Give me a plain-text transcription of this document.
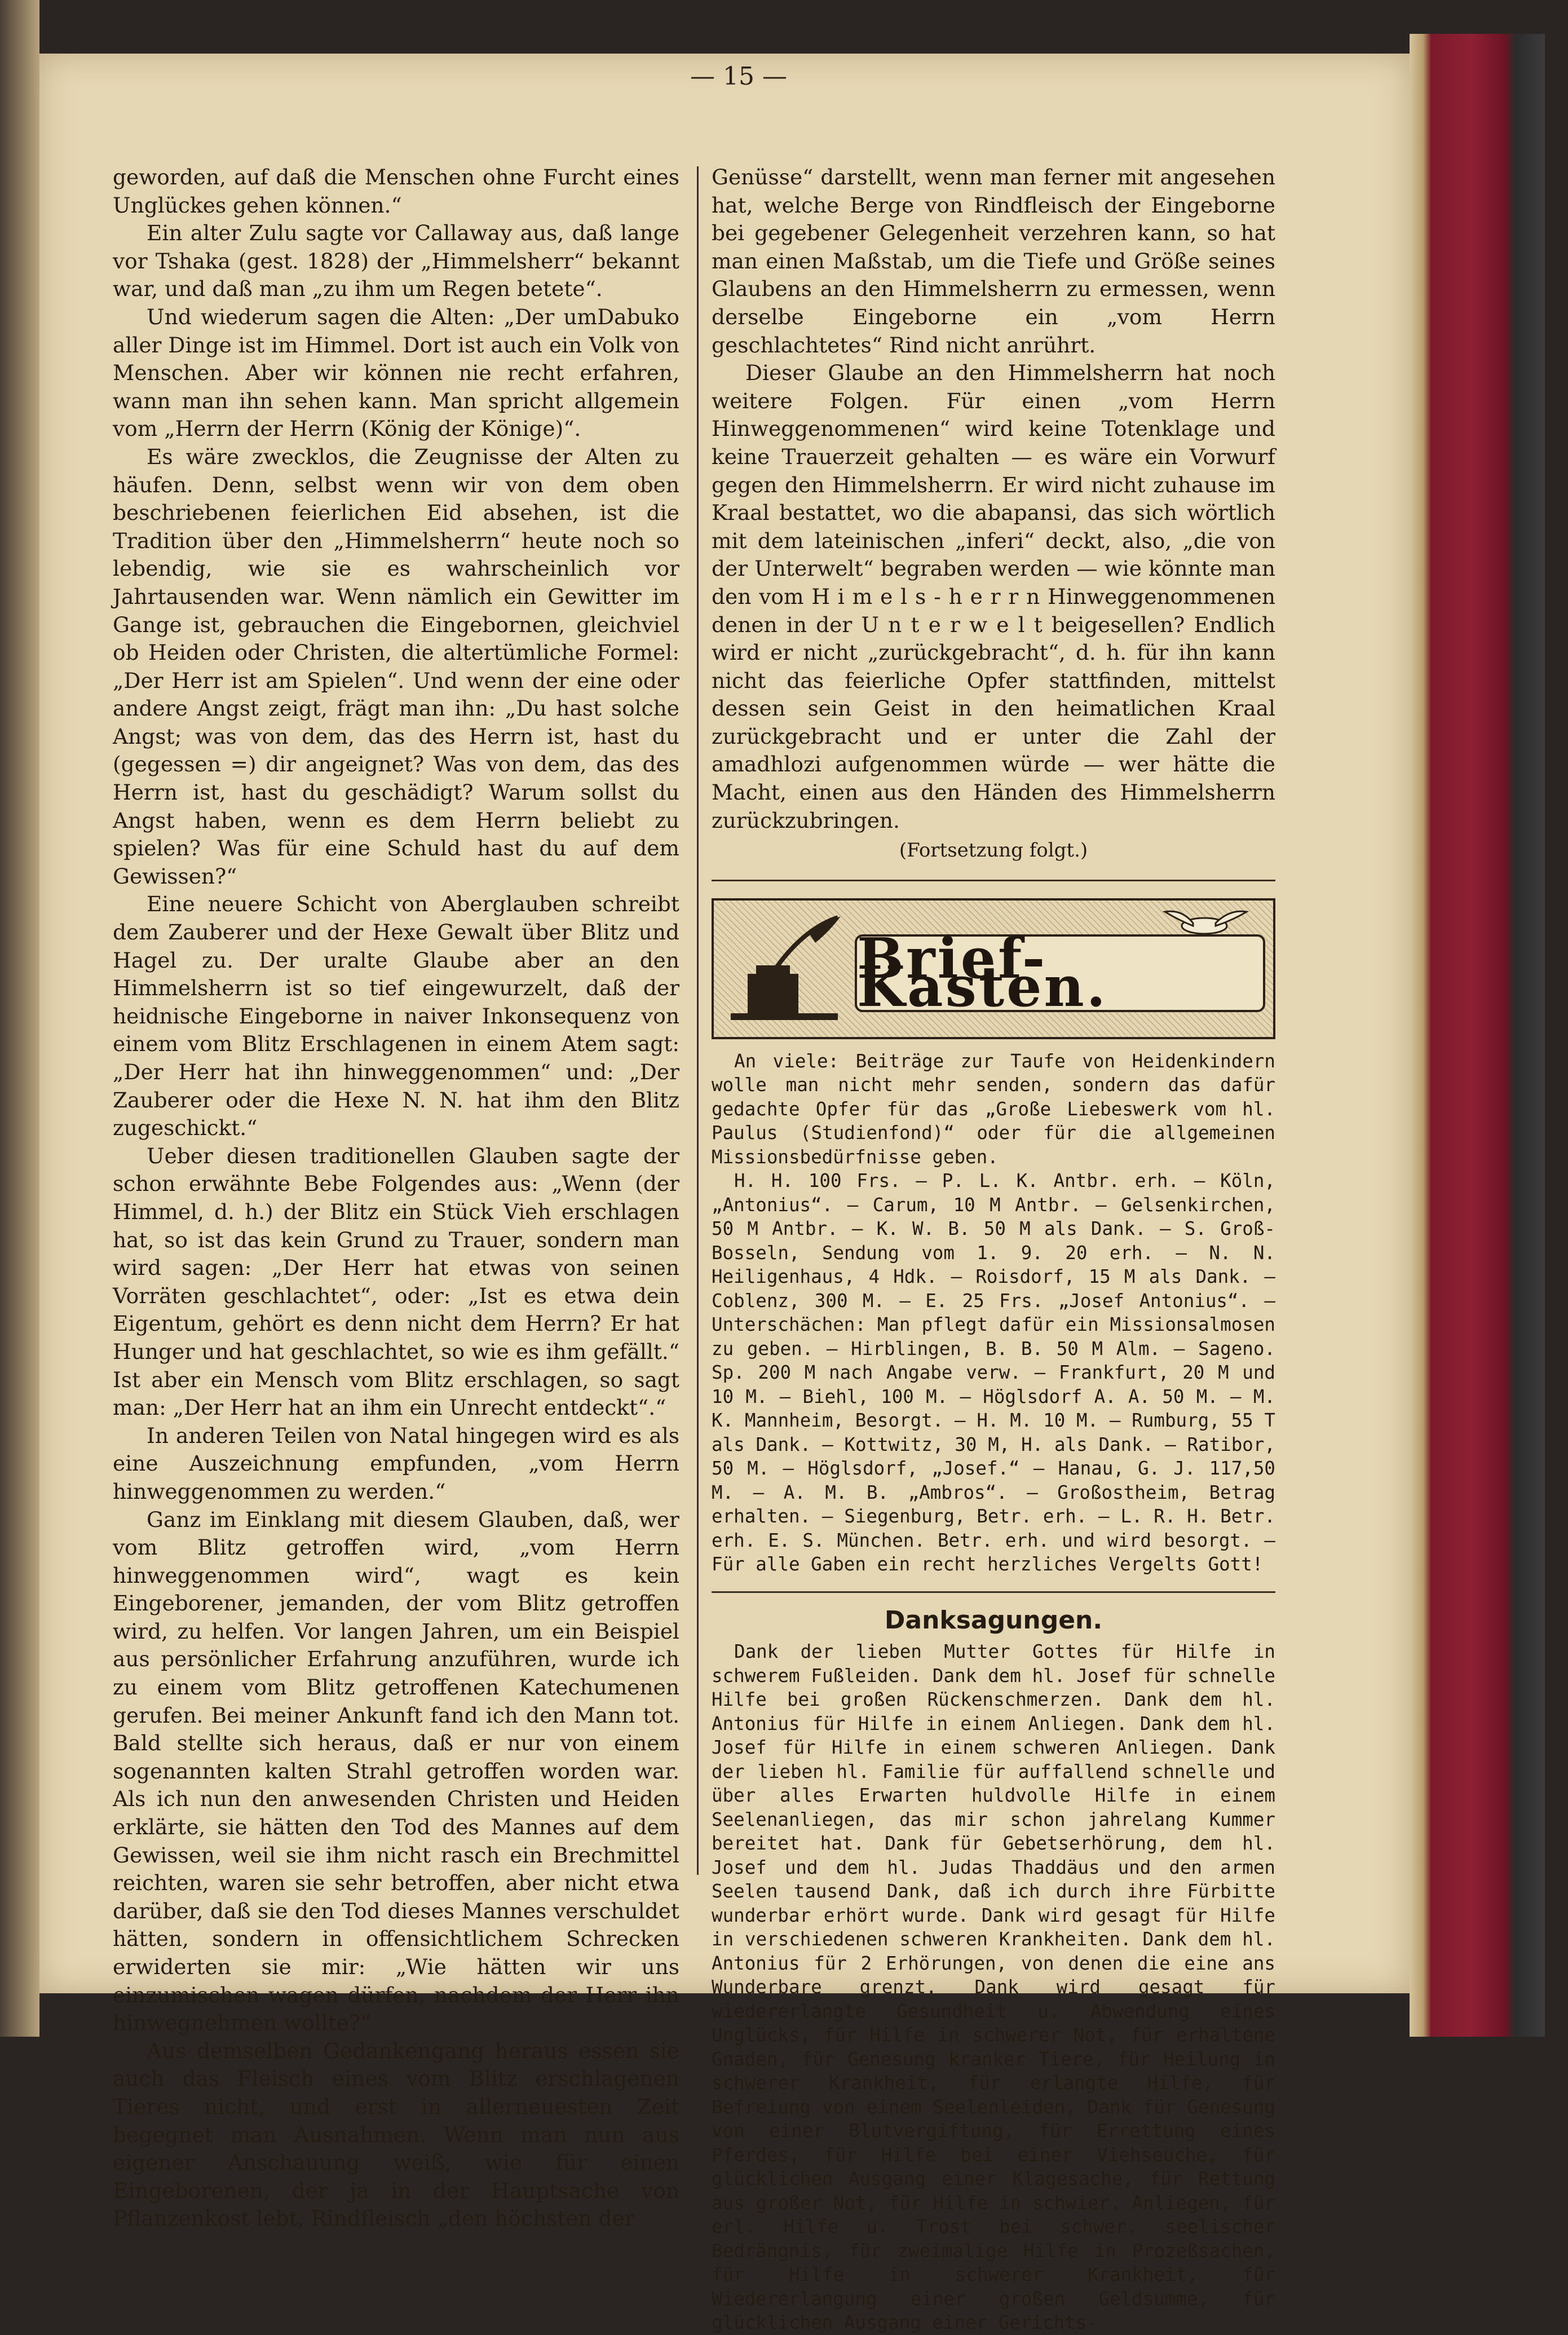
— 15 —

geworden, auf daß die Menschen ohne Furcht eines Unglückes gehen können.“

Ein alter Zulu sagte vor Callaway aus, daß lange vor Tshaka (gest. 1828) der „Himmelsherr“ bekannt war, und daß man „zu ihm um Regen betete“.

Und wiederum sagen die Alten: „Der umDabuko aller Dinge ist im Himmel. Dort ist auch ein Volk von Menschen. Aber wir können nie recht erfahren, wann man ihn sehen kann. Man spricht allgemein vom „Herrn der Herrn (König der Könige)“.

Es wäre zwecklos, die Zeugnisse der Alten zu häufen. Denn, selbst wenn wir von dem oben beschriebenen feierlichen Eid absehen, ist die Tradition über den „Himmelsherrn“ heute noch so lebendig, wie sie es wahrscheinlich vor Jahrtausenden war. Wenn nämlich ein Gewitter im Gange ist, gebrauchen die Eingebornen, gleichviel ob Heiden oder Christen, die altertümliche Formel: „Der Herr ist am Spielen“. Und wenn der eine oder andere Angst zeigt, frägt man ihn: „Du hast solche Angst; was von dem, das des Herrn ist, hast du (gegessen =) dir angeignet? Was von dem, das des Herrn ist, hast du geschädigt? Warum sollst du Angst haben, wenn es dem Herrn beliebt zu spielen? Was für eine Schuld hast du auf dem Gewissen?“

Eine neuere Schicht von Aberglauben schreibt dem Zauberer und der Hexe Gewalt über Blitz und Hagel zu. Der uralte Glaube aber an den Himmelsherrn ist so tief eingewurzelt, daß der heidnische Eingeborne in naiver Inkonsequenz von einem vom Blitz Erschlagenen in einem Atem sagt: „Der Herr hat ihn hinweggenommen“ und: „Der Zauberer oder die Hexe N. N. hat ihm den Blitz zugeschickt.“

Ueber diesen traditionellen Glauben sagte der schon erwähnte Bebe Folgendes aus: „Wenn (der Himmel, d. h.) der Blitz ein Stück Vieh erschlagen hat, so ist das kein Grund zu Trauer, sondern man wird sagen: „Der Herr hat etwas von seinen Vorräten geschlachtet“, oder: „Ist es etwa dein Eigentum, gehört es denn nicht dem Herrn? Er hat Hunger und hat geschlachtet, so wie es ihm gefällt.“ Ist aber ein Mensch vom Blitz erschlagen, so sagt man: „Der Herr hat an ihm ein Unrecht entdeckt“.“

In anderen Teilen von Natal hingegen wird es als eine Auszeichnung empfunden, „vom Herrn hinweggenommen zu werden.“

Ganz im Einklang mit diesem Glauben, daß, wer vom Blitz getroffen wird, „vom Herrn hinweggenommen wird“, wagt es kein Eingeborener, jemanden, der vom Blitz getroffen wird, zu helfen. Vor langen Jahren, um ein Beispiel aus persönlicher Erfahrung anzuführen, wurde ich zu einem vom Blitz getroffenen Katechumenen gerufen. Bei meiner Ankunft fand ich den Mann tot. Bald stellte sich heraus, daß er nur von einem sogenannten kalten Strahl getroffen worden war. Als ich nun den anwesenden Christen und Heiden erklärte, sie hätten den Tod des Mannes auf dem Gewissen, weil sie ihm nicht rasch ein Brechmittel reichten, waren sie sehr betroffen, aber nicht etwa darüber, daß sie den Tod dieses Mannes verschuldet hätten, sondern in offensichtlichem Schrecken erwiderten sie mir: „Wie hätten wir uns einzumischen wagen dürfen, nachdem der Herr ihn hinwegnehmen wollte?“

Aus demselben Gedankengang heraus essen sie auch das Fleisch eines vom Blitz erschlagenen Tieres nicht, und erst in allerneuesten Zeit begegnet man Ausnahmen. Wenn man nun aus eigener Anschauung weiß, wie für einen Eingeborenen, der ja in der Hauptsache von Pflanzenkost lebt, Rindfleisch „den höchsten der

Genüsse“ darstellt, wenn man ferner mit angesehen hat, welche Berge von Rindfleisch der Eingeborne bei gegebener Gelegenheit verzehren kann, so hat man einen Maßstab, um die Tiefe und Größe seines Glaubens an den Himmelsherrn zu ermessen, wenn derselbe Eingeborne ein „vom Herrn geschlachtetes“ Rind nicht anrührt.

Dieser Glaube an den Himmelsherrn hat noch weitere Folgen. Für einen „vom Herrn Hinweggenommenen“ wird keine Totenklage und keine Trauerzeit gehalten — es wäre ein Vorwurf gegen den Himmelsherrn. Er wird nicht zuhause im Kraal bestattet, wo die abapansi, das sich wörtlich mit dem lateinischen „inferi“ deckt, also, „die von der Unterwelt“ begraben werden — wie könnte man den vom H i m e l s - h e r r n Hinweggenommenen denen in der U n t e r w e l t beigesellen? Endlich wird er nicht „zurückgebracht“, d. h. für ihn kann nicht das feierliche Opfer stattfinden, mittelst dessen sein Geist in den heimatlichen Kraal zurückgebracht und er unter die Zahl der amadhlozi aufgenommen würde — wer hätte die Macht, einen aus den Händen des Himmelsherrn zurückzubringen.

(Fortsetzung folgt.)
Brief-Kasten.

An viele: Beiträge zur Taufe von Heidenkindern wolle man nicht mehr senden, sondern das dafür gedachte Opfer für das „Große Liebeswerk vom hl. Paulus (Studienfond)“ oder für die allgemeinen Missionsbedürfnisse geben.

H. H. 100 Frs. — P. L. K. Antbr. erh. — Köln, „Antonius“. — Carum, 10 M Antbr. — Gelsenkirchen, 50 M Antbr. — K. W. B. 50 M als Dank. — S. Groß-Bosseln, Sendung vom 1. 9. 20 erh. — N. N. Heiligenhaus, 4 Hdk. — Roisdorf, 15 M als Dank. — Coblenz, 300 M. — E. 25 Frs. „Josef Antonius“. — Unterschächen: Man pflegt dafür ein Missionsalmosen zu geben. — Hirblingen, B. B. 50 M Alm. — Sageno. Sp. 200 M nach Angabe verw. — Frankfurt, 20 M und 10 M. — Biehl, 100 M. — Höglsdorf A. A. 50 M. — M. K. Mannheim, Besorgt. — H. M. 10 M. — Rumburg, 55 T als Dank. — Kottwitz, 30 M, H. als Dank. — Ratibor, 50 M. — Höglsdorf, „Josef.“ — Hanau, G. J. 117,50 M. — A. M. B. „Ambros“. — Großostheim, Betrag erhalten. — Siegenburg, Betr. erh. — L. R. H. Betr. erh. E. S. München. Betr. erh. und wird besorgt. — Für alle Gaben ein recht herzliches Vergelts Gott!

Danksagungen.

Dank der lieben Mutter Gottes für Hilfe in schwerem Fußleiden. Dank dem hl. Josef für schnelle Hilfe bei großen Rückenschmerzen. Dank dem hl. Antonius für Hilfe in einem Anliegen. Dank dem hl. Josef für Hilfe in einem schweren Anliegen. Dank der lieben hl. Familie für auffallend schnelle und über alles Erwarten huldvolle Hilfe in einem Seelenanliegen, das mir schon jahrelang Kummer bereitet hat. Dank für Gebetserhörung, dem hl. Josef und dem hl. Judas Thaddäus und den armen Seelen tausend Dank, daß ich durch ihre Fürbitte wunderbar erhört wurde. Dank wird gesagt für Hilfe in verschiedenen schweren Krankheiten. Dank dem hl. Antonius für 2 Erhörungen, von denen die eine ans Wunderbare grenzt. Dank wird gesagt für wiedererlangte Gesundheit u. Abwendung eines Unglücks, für Hilfe in schwerer Not, für erhaltene Gnaden, für Genesung kranker Tiere, für Heilung in schwerer Krankheit, für erlangte Hilfe, für Befreiung von einem Seelenleiden, Dank für Genesung von einer Blutvergiftung, für Errettung eines Pferdes, für Hilfe bei einer Viehseuche, für glücklichen Ausgang einer Klagesache, für Rettung aus großer Not, für Hilfe in schwier. Anliegen, für erl. Hilfe u. Trost bei schwer. seelischer Bedrängnis, für zweimalige Hilfe in Prozeßsachen, für Hilfe in schwerer Krankheit, für Wiedererlangung einer großen Geldsumme, für glücklichen Ausgang einer Gerichts-
